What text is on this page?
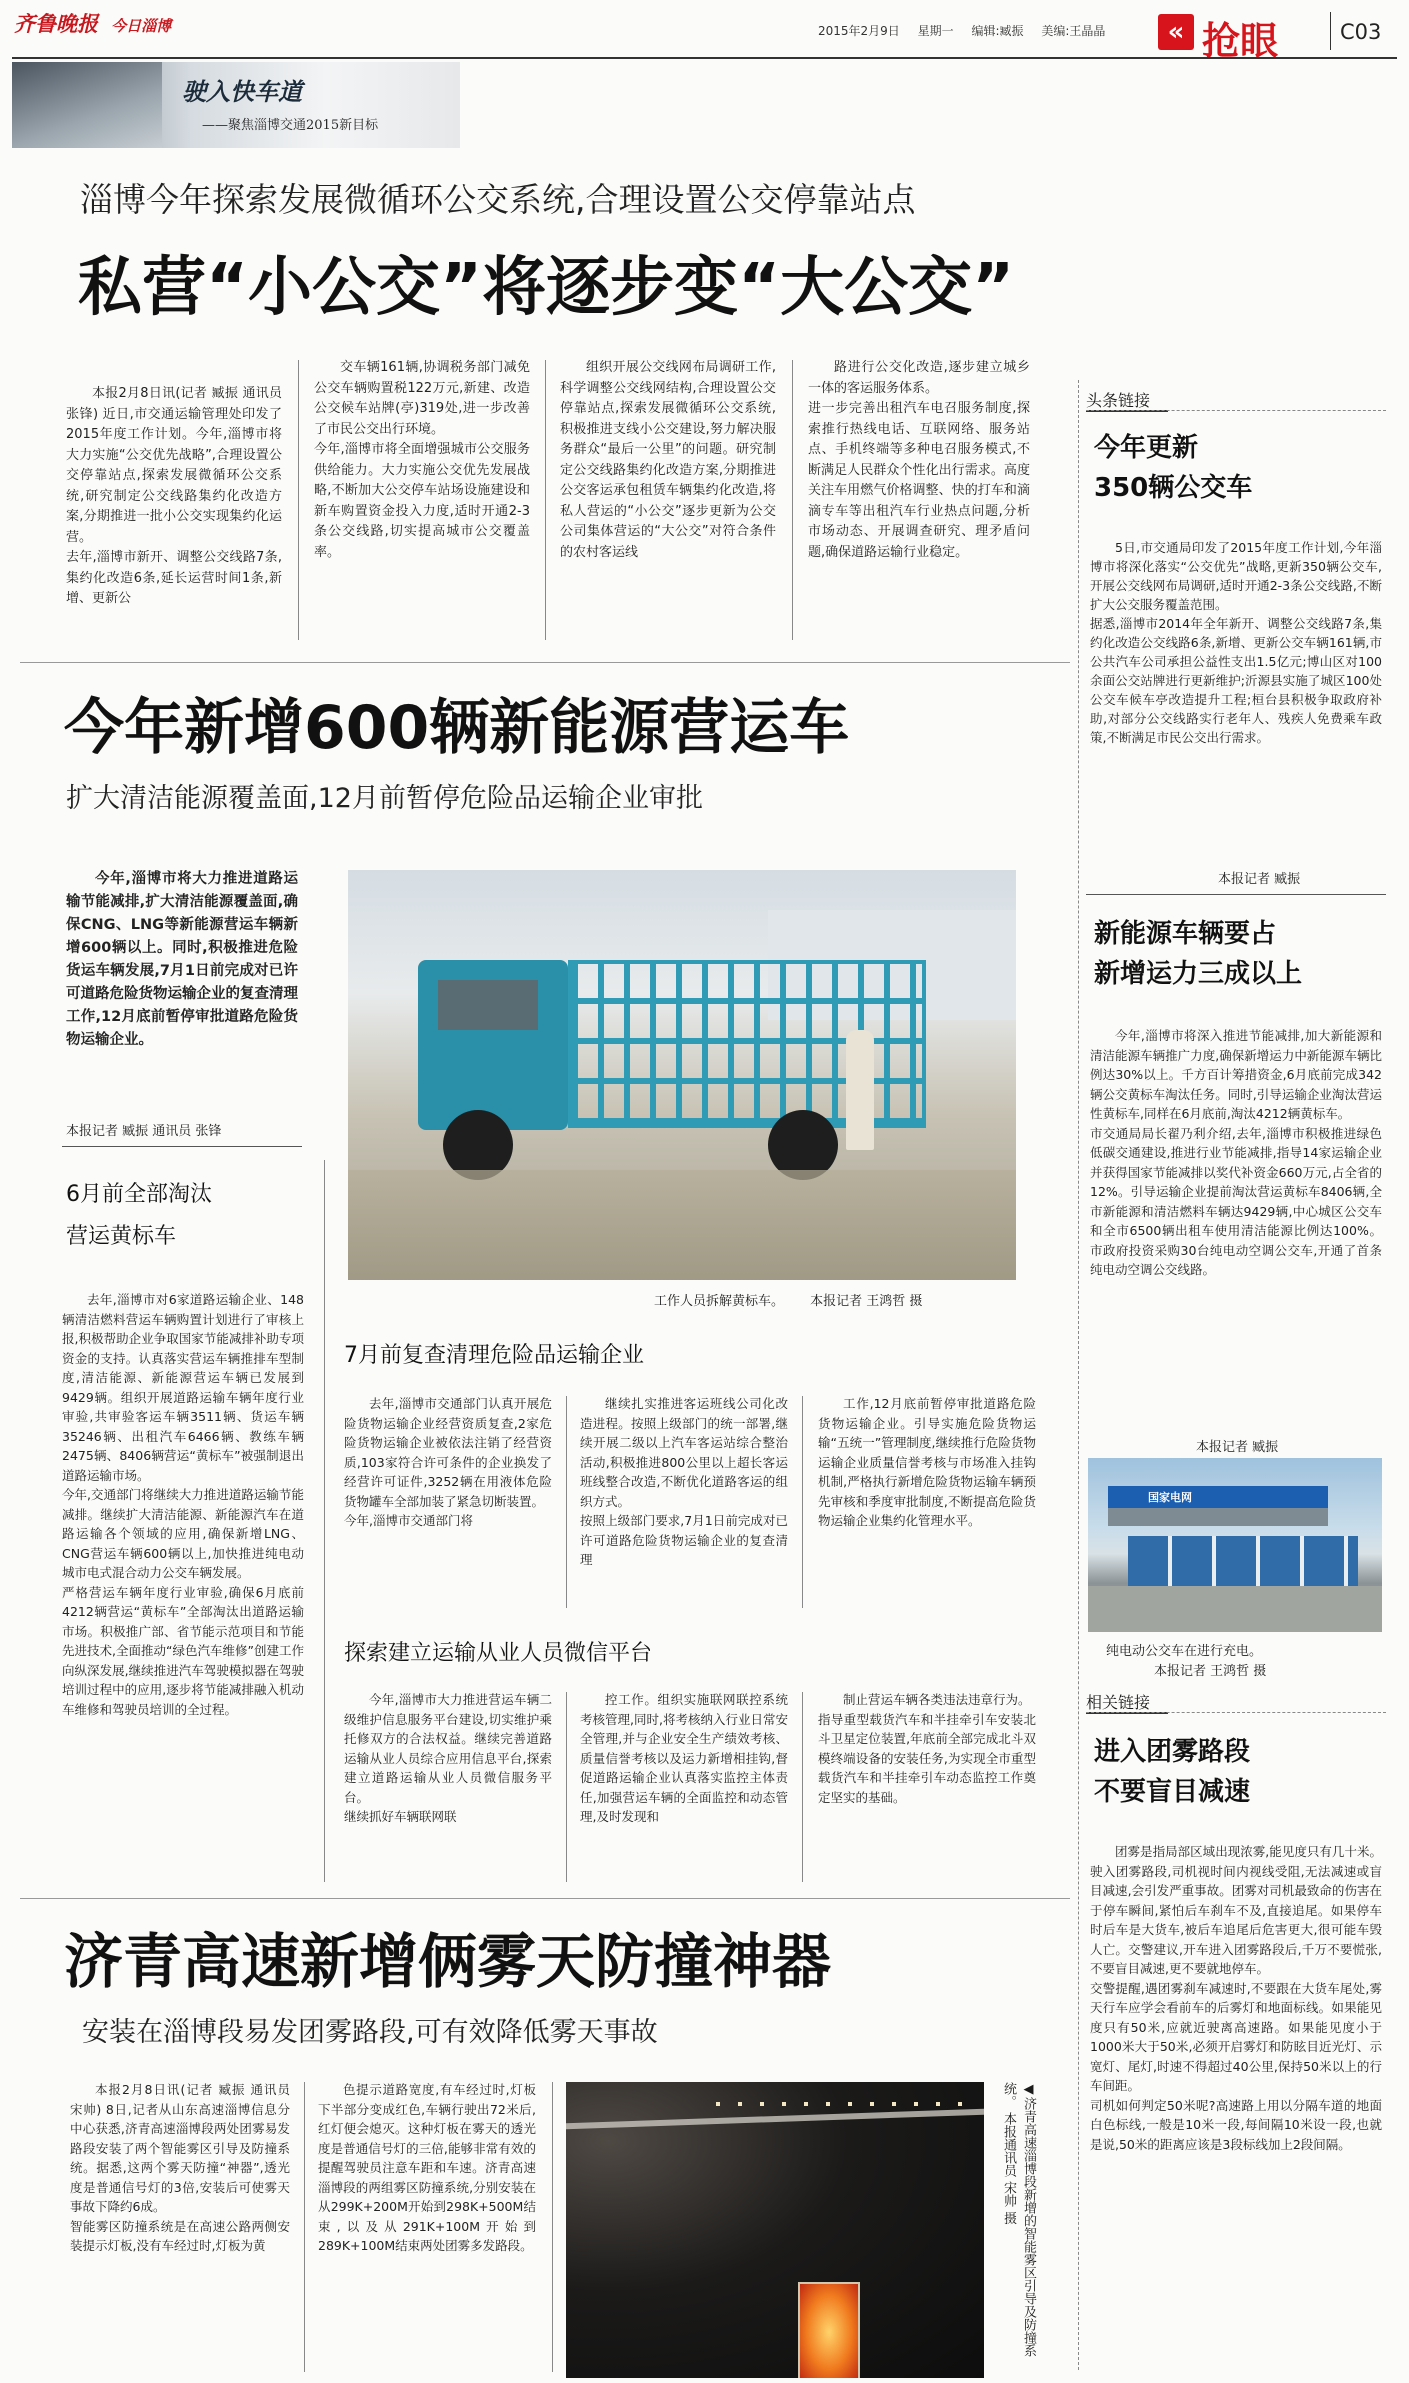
齐鲁晚报 今日淄博	2015年2月9日 星期一 编辑:臧振 美编:王晶晶	« 抢眼	C03
驶入快车道
——聚焦淄博交通2015新目标
淄博今年探索发展微循环公交系统,合理设置公交停靠站点
私营“小公交”将逐步变“大公交”

本报2月8日讯(记者 臧振 通讯员 张锋) 近日,市交通运输管理处印发了2015年度工作计划。今年,淄博市将大力实施“公交优先战略”,合理设置公交停靠站点,探索发展微循环公交系统,研究制定公交线路集约化改造方案,分期推进一批小公交实现集约化运营。
去年,淄博市新开、调整公交线路7条,集约化改造6条,延长运营时间1条,新增、更新公

交车辆161辆,协调税务部门减免公交车辆购置税122万元,新建、改造公交候车站牌(亭)319处,进一步改善了市民公交出行环境。
今年,淄博市将全面增强城市公交服务供给能力。大力实施公交优先发展战略,不断加大公交停车站场设施建设和新车购置资金投入力度,适时开通2-3条公交线路,切实提高城市公交覆盖率。

组织开展公交线网布局调研工作,科学调整公交线网结构,合理设置公交停靠站点,探索发展微循环公交系统,积极推进支线小公交建设,努力解决服务群众“最后一公里”的问题。研究制定公交线路集约化改造方案,分期推进公交客运承包租赁车辆集约化改造,将私人营运的“小公交”逐步更新为公交公司集体营运的“大公交”对符合条件的农村客运线

路进行公交化改造,逐步建立城乡一体的客运服务体系。
进一步完善出租汽车电召服务制度,探索推行热线电话、互联网络、服务站点、手机终端等多种电召服务模式,不断满足人民群众个性化出行需求。高度关注车用燃气价格调整、快的打车和滴滴专车等出租汽车行业热点问题,分析市场动态、开展调查研究、理矛盾问题,确保道路运输行业稳定。

头条链接
今年更新
350辆公交车

5日,市交通局印发了2015年度工作计划,今年淄博市将深化落实“公交优先”战略,更新350辆公交车,开展公交线网布局调研,适时开通2-3条公交线路,不断扩大公交服务覆盖范围。
据悉,淄博市2014年全年新开、调整公交线路7条,集约化改造公交线路6条,新增、更新公交车辆161辆,市公共汽车公司承担公益性支出1.5亿元;博山区对100余面公交站牌进行更新维护;沂源县实施了城区100处公交车候车亭改造提升工程;桓台县积极争取政府补助,对部分公交线路实行老年人、残疾人免费乘车政策,不断满足市民公交出行需求。

本报记者 臧振
新能源车辆要占
新增运力三成以上

今年,淄博市将深入推进节能减排,加大新能源和清洁能源车辆推广力度,确保新增运力中新能源车辆比例达30%以上。千方百计筹措资金,6月底前完成342辆公交黄标车淘汰任务。同时,引导运输企业淘汰营运性黄标车,同样在6月底前,淘汰4212辆黄标车。
市交通局局长翟乃利介绍,去年,淄博市积极推进绿色低碳交通建设,推进行业节能减排,指导14家运输企业并获得国家节能减排以奖代补资金660万元,占全省的12%。引导运输企业提前淘汰营运黄标车8406辆,全市新能源和清洁燃料车辆达9429辆,中心城区公交车和全市6500辆出租车使用清洁能源比例达100%。市政府投资采购30台纯电动空调公交车,开通了首条纯电动空调公交线路。

本报记者 臧振
国家电网
纯电动公交车在进行充电。
本报记者 王鸿哲 摄
相关链接
进入团雾路段
不要盲目减速

团雾是指局部区域出现浓雾,能见度只有几十米。驶入团雾路段,司机视时间内视线受阻,无法减速或盲目减速,会引发严重事故。团雾对司机最致命的伤害在于停车瞬间,紧怕后车刹车不及,直接追尾。如果停车时后车是大货车,被后车追尾后危害更大,很可能车毁人亡。交警建议,开车进入团雾路段后,千万不要慌张,不要盲目减速,更不要就地停车。
交警提醒,遇团雾刹车减速时,不要跟在大货车尾处,雾天行车应学会看前车的后雾灯和地面标线。如果能见度只有50米,应就近驶离高速路。如果能见度小于1000米大于50米,必须开启雾灯和防眩目近光灯、示宽灯、尾灯,时速不得超过40公里,保持50米以上的行车间距。
司机如何判定50米呢?高速路上用以分隔车道的地面白色标线,一般是10米一段,每间隔10米设一段,也就是说,50米的距离应该是3段标线加上2段间隔。

今年新增600辆新能源营运车
扩大清洁能源覆盖面,12月前暂停危险品运输企业审批

今年,淄博市将大力推进道路运输节能减排,扩大清洁能源覆盖面,确保CNG、LNG等新能源营运车辆新增600辆以上。同时,积极推进危险货运车辆发展,7月1日前完成对已许可道路危险货物运输企业的复查清理工作,12月底前暂停审批道路危险货物运输企业。

本报记者 臧振 通讯员 张锋
6月前全部淘汰
营运黄标车

去年,淄博市对6家道路运输企业、148辆清洁燃料营运车辆购置计划进行了审核上报,积极帮助企业争取国家节能减排补助专项资金的支持。认真落实营运车辆推排车型制度,清洁能源、新能源营运车辆已发展到9429辆。组织开展道路运输车辆年度行业审验,共审验客运车辆3511辆、货运车辆35246辆、出租汽车6466辆、教练车辆2475辆、8406辆营运“黄标车”被强制退出道路运输市场。
今年,交通部门将继续大力推进道路运输节能减排。继续扩大清洁能源、新能源汽车在道路运输各个领域的应用,确保新增LNG、CNG营运车辆600辆以上,加快推进纯电动城市电式混合动力公交车辆发展。
严格营运车辆年度行业审验,确保6月底前4212辆营运“黄标车”全部淘汰出道路运输市场。积极推广部、省节能示范项目和节能先进技术,全面推动“绿色汽车维修”创建工作向纵深发展,继续推进汽车驾驶模拟器在驾驶培训过程中的应用,逐步将节能减排融入机动车维修和驾驶员培训的全过程。

工作人员拆解黄标车。 本报记者 王鸿哲 摄
7月前复查清理危险品运输企业

去年,淄博市交通部门认真开展危险货物运输企业经营资质复查,2家危险货物运输企业被依法注销了经营资质,103家符合许可条件的企业换发了经营许可证件,3252辆在用液体危险货物罐车全部加装了紧急切断装置。
今年,淄博市交通部门将

继续扎实推进客运班线公司化改造进程。按照上级部门的统一部署,继续开展二级以上汽车客运站综合整治活动,积极推进800公里以上超长客运班线整合改造,不断优化道路客运的组织方式。
按照上级部门要求,7月1日前完成对已许可道路危险货物运输企业的复查清理

工作,12月底前暂停审批道路危险货物运输企业。引导实施危险货物运输“五统一”管理制度,继续推行危险货物运输企业质量信誉考核与市场准入挂钩机制,严格执行新增危险货物运输车辆预先审核和季度审批制度,不断提高危险货物运输企业集约化管理水平。

探索建立运输从业人员微信平台

今年,淄博市大力推进营运车辆二级维护信息服务平台建设,切实维护乘托修双方的合法权益。继续完善道路运输从业人员综合应用信息平台,探索建立道路运输从业人员微信服务平台。
继续抓好车辆联网联

控工作。组织实施联网联控系统考核管理,同时,将考核纳入行业日常安全管理,并与企业安全生产绩效考核、质量信誉考核以及运力新增相挂钩,督促道路运输企业认真落实监控主体责任,加强营运车辆的全面监控和动态管理,及时发现和

制止营运车辆各类违法违章行为。
指导重型载货汽车和半挂牵引车安装北斗卫星定位装置,年底前全部完成北斗双模终端设备的安装任务,为实现全市重型载货汽车和半挂牵引车动态监控工作奠定坚实的基础。

济青高速新增俩雾天防撞神器
安装在淄博段易发团雾路段,可有效降低雾天事故

本报2月8日讯(记者 臧振 通讯员 宋帅) 8日,记者从山东高速淄博信息分中心获悉,济青高速淄博段两处团雾易发路段安装了两个智能雾区引导及防撞系统。据悉,这两个雾天防撞“神器”,透光度是普通信号灯的3倍,安装后可使雾天事故下降约6成。
智能雾区防撞系统是在高速公路两侧安装提示灯板,没有车经过时,灯板为黄

色提示道路宽度,有车经过时,灯板下半部分变成红色,车辆行驶出72米后,红灯便会熄灭。这种灯板在雾天的透光度是普通信号灯的三倍,能够非常有效的提醒驾驶员注意车距和车速。济青高速淄博段的两组雾区防撞系统,分别安装在从299K+200M开始到298K+500M结束,以及从291K+100M开始到289K+100M结束两处团雾多发路段。	◀济青高速淄博段新增的智能雾区引导及防撞系统。 本报通讯员 宋帅 摄
